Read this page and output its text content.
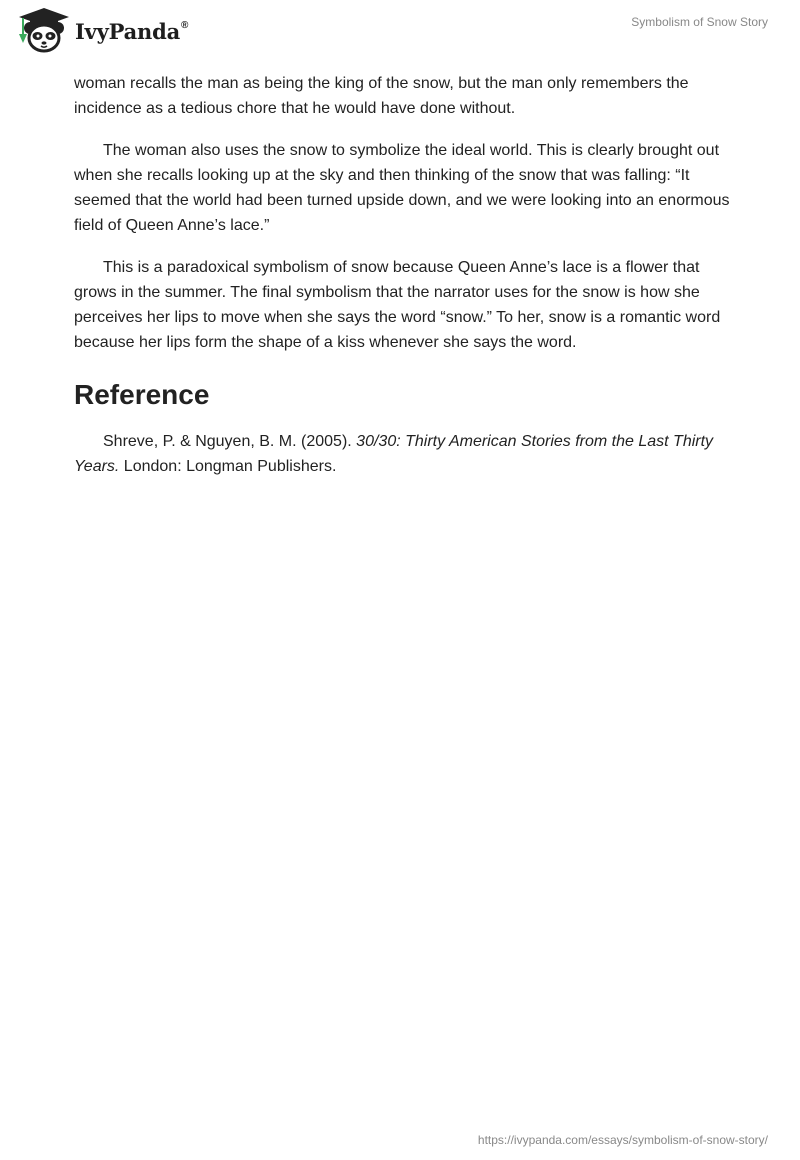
IvyPanda®	Symbolism of Snow Story

woman recalls the man as being the king of the snow, but the man only remembers the incidence as a tedious chore that he would have done without.

The woman also uses the snow to symbolize the ideal world. This is clearly brought out when she recalls looking up at the sky and then thinking of the snow that was falling: “It seemed that the world had been turned upside down, and we were looking into an enormous field of Queen Anne’s lace.”

This is a paradoxical symbolism of snow because Queen Anne’s lace is a flower that grows in the summer. The final symbolism that the narrator uses for the snow is how she perceives her lips to move when she says the word “snow.” To her, snow is a romantic word because her lips form the shape of a kiss whenever she says the word.

Reference

Shreve, P. & Nguyen, B. M. (2005). 30/30: Thirty American Stories from the Last Thirty Years. London: Longman Publishers.

https://ivypanda.com/essays/symbolism-of-snow-story/
